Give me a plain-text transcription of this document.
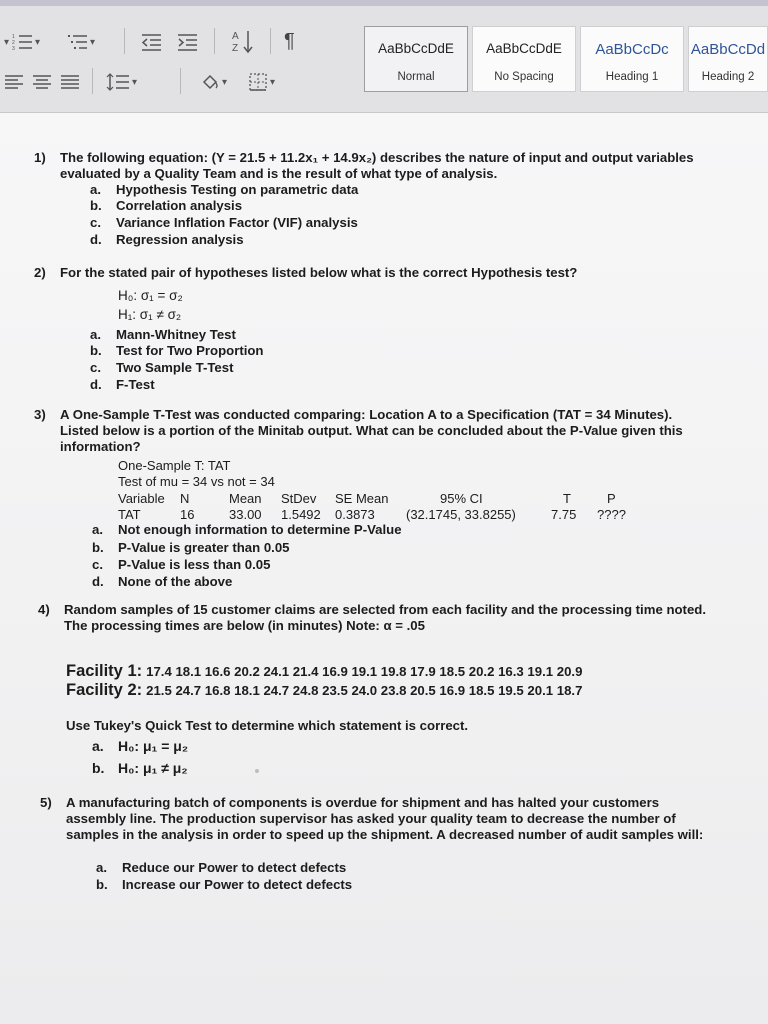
▾ 1
2
3
▾	▾	A
Z ¶
▾	▾	▾
AaBbCcDdE
Normal
AaBbCcDdE
No Spacing
AaBbCcDc
Heading 1
AaBbCcDd
Heading 2
1) The following equation: (Y = 21.5 + 11.2x₁ + 14.9x₂) describes the nature of input and output variables evaluated by a Quality Team and is the result of what type of analysis.
a. Hypothesis Testing on parametric data
b. Correlation analysis
c. Variance Inflation Factor (VIF) analysis
d. Regression analysis
2) For the stated pair of hypotheses listed below what is the correct Hypothesis test?
H₀: σ₁ = σ₂
H₁: σ₁ ≠ σ₂
a. Mann-Whitney Test
b. Test for Two Proportion
c. Two Sample T-Test
d. F-Test
3) A One-Sample T-Test was conducted comparing: Location A to a Specification (TAT = 34 Minutes). Listed below is a portion of the Minitab output. What can be concluded about the P-Value given this information?
One-Sample T: TAT
Test of mu = 34 vs not = 34
Variable N	Mean StDev SE Mean	95% CI	T	P
TAT	16	33.00 1.5492 0.3873 (32.1745, 33.8255)	7.75 ????
a. Not enough information to determine P-Value
b. P-Value is greater than 0.05
c. P-Value is less than 0.05
d. None of the above
4) Random samples of 15 customer claims are selected from each facility and the processing time noted. The processing times are below (in minutes) Note: α = .05
Facility 1: 17.4 18.1 16.6 20.2 24.1 21.4 16.9 19.1 19.8 17.9 18.5 20.2 16.3 19.1 20.9
Facility 2: 21.5 24.7 16.8 18.1 24.7 24.8 23.5 24.0 23.8 20.5 16.9 18.5 19.5 20.1 18.7
Use Tukey's Quick Test to determine which statement is correct.
a. H₀: μ₁ = μ₂
b. H₀: μ₁ ≠ μ₂
5) A manufacturing batch of components is overdue for shipment and has halted your customers assembly line. The production supervisor has asked your quality team to decrease the number of samples in the analysis in order to speed up the shipment. A decreased number of audit samples will:
a. Reduce our Power to detect defects
b. Increase our Power to detect defects
